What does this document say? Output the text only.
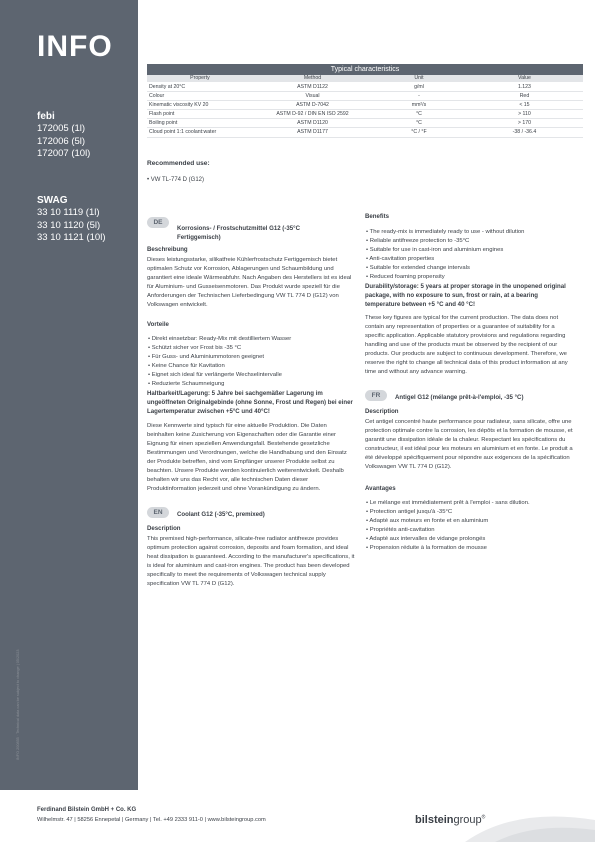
INFO
febi
172005 (1l)
172006 (5l)
172007 (10l)
SWAG
33 10 1119 (1l)
33 10 1120 (5l)
33 10 1121 (10l)
INFO 200855 · Technical data can be subject to change | 05/2023
Typical characteristics
Property	Method	Unit	Value
Density at 20°C	ASTM D1122	g/ml	1.123
Colour	Visual	-	Red
Kinematic viscosity KV 20	ASTM D-7042	mm²/s	< 15
Flash point	ASTM D-92 / DIN EN ISO 2592	°C	> 110
Boiling point	ASTM D1120	°C	> 170
Cloud point 1:1 coolant:water	ASTM D1177	°C / °F	-38 / -36.4
Recommended use:
• VW TL-774 D (G12)
DE
Korrosions- / Frostschutzmittel G12 (-35°C Fertiggemisch)

Beschreibung

Dieses leistungsstarke, silikatfreie Kühlerfrostschutz Fertiggemisch bietet optimalen Schutz vor Korrosion, Ablagerungen und Schaumbildung und garantiert eine ideale Wärmeabfuhr. Nach Angaben des Herstellers ist es ideal für Aluminium- und Gusseisenmotoren. Das Produkt wurde speziell für die Anforderungen der Technischen Lieferbedingung VW TL 774 D (G12) von Volkswagen entwickelt.

Vorteile

• Direkt einsetzbar: Ready-Mix mit destilliertem Wasser

• Schützt sicher vor Frost bis -35 °C

• Für Guss- und Aluminiummotoren geeignet

• Keine Chance für Kavitation

• Eignet sich ideal für verlängerte Wechselintervalle

• Reduzierte Schaumneigung

Haltbarkeit/Lagerung: 5 Jahre bei sachgemäßer Lagerung im ungeöffneten Originalgebinde (ohne Sonne, Frost und Regen) bei einer Lagertemperatur zwischen +5°C und 40°C!

Diese Kennwerte sind typisch für eine aktuelle Produktion. Die Daten beinhalten keine Zusicherung von Eigenschaften oder die Garantie einer Eignung für einen speziellen Anwendungsfall. Bestehende gesetzliche Bestimmungen und Verordnungen, welche die Handhabung und den Einsatz der Produkte betreffen, sind vom Empfänger unserer Produkte selbst zu beachten. Unsere Produkte werden kontinuierlich weiterentwickelt. Deshalb behalten wir uns das Recht vor, alle technischen Daten dieser Produktinformation jederzeit und ohne Vorankündigung zu ändern.

EN	Coolant G12 (-35°C, premixed)

Description

This premixed high-performance, silicate-free radiator antifreeze provides optimum protection against corrosion, deposits and foam formation, and ideal heat dissipation is guaranteed. According to the manufacturer's specifications, it is ideal for aluminium and cast-iron engines. The product has been developed specifically to meet the requirements of Volkswagen technical supply specification VW TL 774 D (G12).

Benefits

• The ready-mix is immediately ready to use - without dilution

• Reliable antifreeze protection to -35°C

• Suitable for use in cast-iron and aluminium engines

• Anti-cavitation properties

• Suitable for extended change intervals

• Reduced foaming propensity

Durability/storage: 5 years at proper storage in the unopened original package, with no exposure to sun, frost or rain, at a bearing temperature between +5 °C and 40 °C!

These key figures are typical for the current production. The data does not contain any representation of properties or a guarantee of suitability for a specific application. Applicable statutory provisions and regulations regarding handling and use of the products must be observed by the recipient of our products. Our products are subject to continuous development. Therefore, we reserve the right to change all technical data of this product information at any time and without any advance warning.

FR	Antigel G12 (mélange prêt-à-l'emploi, -35 °C)

Description

Cet antigel concentré haute performance pour radiateur, sans silicate, offre une protection optimale contre la corrosion, les dépôts et la formation de mousse, et garantit une dissipation idéale de la chaleur. Respectant les spécifications du constructeur, il est idéal pour les moteurs en aluminium et en fonte. Le produit a été développé spécifiquement pour répondre aux exigences de la spécification Volkswagen VW TL 774 D (G12).

Avantages

• Le mélange est immédiatement prêt à l'emploi - sans dilution.

• Protection antigel jusqu'à -35°C

• Adapté aux moteurs en fonte et en aluminium

• Propriétés anti-cavitation

• Adapté aux intervalles de vidange prolongés

• Propension réduite à la formation de mousse

Ferdinand Bilstein GmbH + Co. KG
Wilhelmstr. 47 | 58256 Ennepetal | Germany | Tel. +49 2333 911-0 | www.bilsteingroup.com	bilsteingroup®
